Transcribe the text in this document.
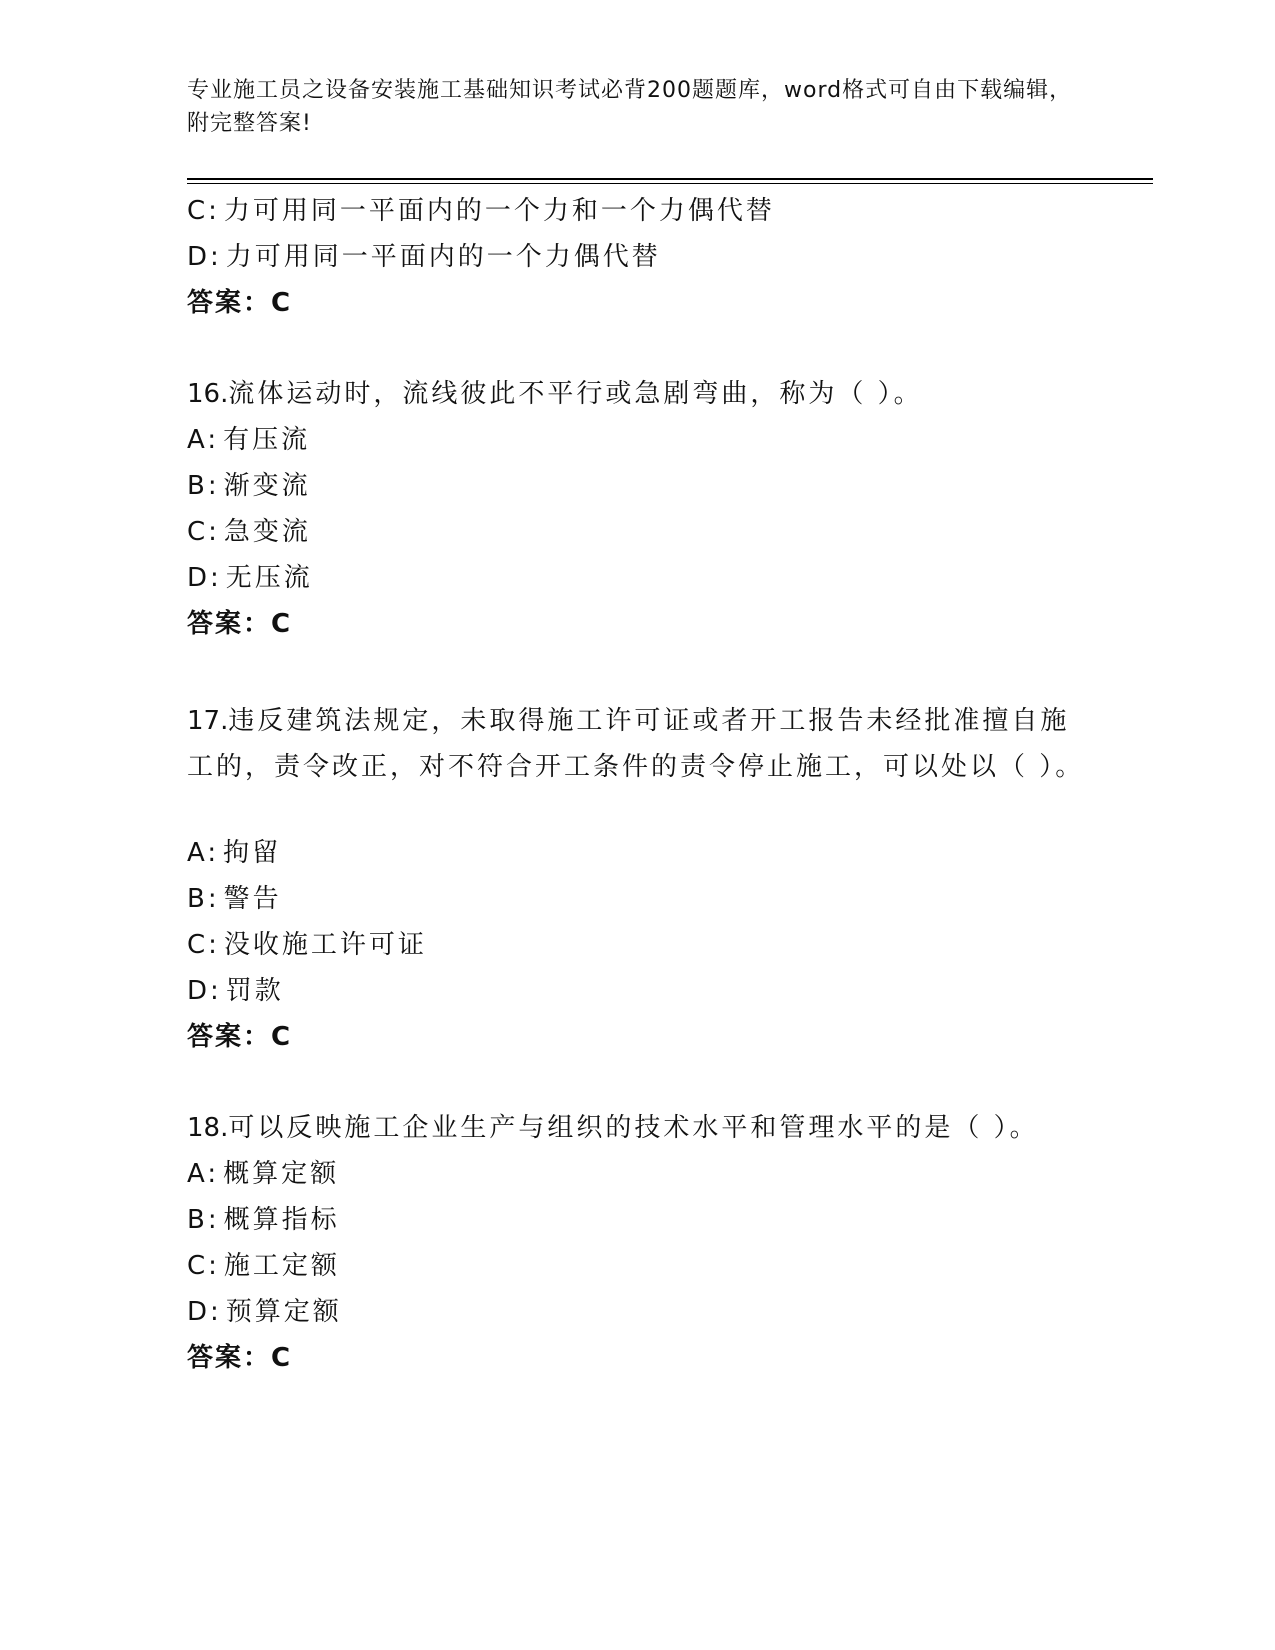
专业施工员之设备安装施工基础知识考试必背200题题库，word格式可自由下载编辑，附完整答案!
C: 力可用同一平面内的一个力和一个力偶代替
D: 力可用同一平面内的一个力偶代替
答案：C
16.流体运动时，流线彼此不平行或急剧弯曲，称为（ ）。
A: 有压流
B: 渐变流
C: 急变流
D: 无压流
答案：C
17.违反建筑法规定，未取得施工许可证或者开工报告未经批准擅自施工的，责令改正，对不符合开工条件的责令停止施工，可以处以（ ）。
A: 拘留
B: 警告
C: 没收施工许可证
D: 罚款
答案：C
18.可以反映施工企业生产与组织的技术水平和管理水平的是（ ）。
A: 概算定额
B: 概算指标
C: 施工定额
D: 预算定额
答案：C
